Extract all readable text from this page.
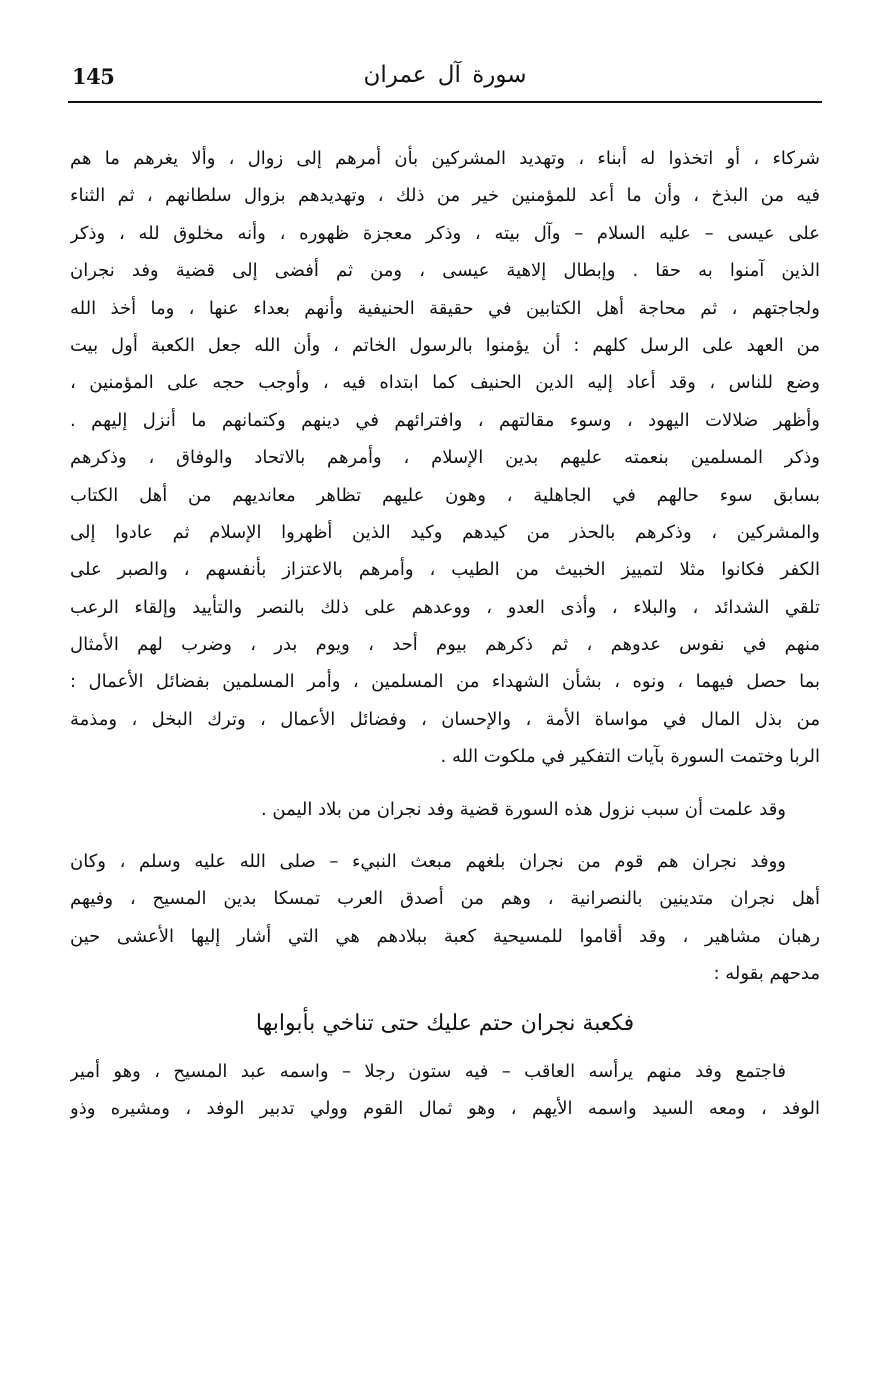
145	سورة آل عمران
شركاء ، أو اتخذوا له أبناء ، وتهديد المشركين بأن أمرهم إلى زوال ، وألا يغرهم ما هم
فيه من البذخ ، وأن ما أعد للمؤمنين خير من ذلك ، وتهديدهم بزوال سلطانهم ، ثم الثناء
على عيسى – عليه السلام – وآل بيته ، وذكر معجزة ظهوره ، وأنه مخلوق لله ، وذكر
الذين آمنوا به حقا . وإبطال إلاهية عيسى ، ومن ثم أفضى إلى قضية وفد نجران
ولجاجتهم ، ثم محاجة أهل الكتابين في حقيقة الحنيفية وأنهم بعداء عنها ، وما أخذ الله
من العهد على الرسل كلهم : أن يؤمنوا بالرسول الخاتم ، وأن الله جعل الكعبة أول بيت
وضع للناس ، وقد أعاد إليه الدين الحنيف كما ابتداه فيه ، وأوجب حجه على المؤمنين ،
وأظهر ضلالات اليهود ، وسوء مقالتهم ، وافترائهم في دينهم وكتمانهم ما أنزل إليهم .
وذكر المسلمين بنعمته عليهم بدين الإسلام ، وأمرهم بالاتحاد والوفاق ، وذكرهم
بسابق سوء حالهم في الجاهلية ، وهون عليهم تظاهر معانديهم من أهل الكتاب
والمشركين ، وذكرهم بالحذر من كيدهم وكيد الذين أظهروا الإسلام ثم عادوا إلى
الكفر فكانوا مثلا لتمييز الخبيث من الطيب ، وأمرهم بالاعتزاز بأنفسهم ، والصبر على
تلقي الشدائد ، والبلاء ، وأذى العدو ، ووعدهم على ذلك بالنصر والتأييد وإلقاء الرعب
منهم في نفوس عدوهم ، ثم ذكرهم بيوم أحد ، ويوم بدر ، وضرب لهم الأمثال
بما حصل فيهما ، ونوه ، بشأن الشهداء من المسلمين ، وأمر المسلمين بفضائل الأعمال :
من بذل المال في مواساة الأمة ، والإحسان ، وفضائل الأعمال ، وترك البخل ، ومذمة
الربا وختمت السورة بآيات التفكير في ملكوت الله .
وقد علمت أن سبب نزول هذه السورة قضية وفد نجران من بلاد اليمن .
ووفد نجران هم قوم من نجران بلغهم مبعث النبيء – صلى الله عليه وسلم ، وكان
أهل نجران متدينين بالنصرانية ، وهم من أصدق العرب تمسكا بدين المسيح ، وفيهم
رهبان مشاهير ، وقد أقاموا للمسيحية كعبة ببلادهم هي التي أشار إليها الأعشى حين
مدحهم بقوله :
فكعبة نجران حتم عليك حتى تناخي بأبوابها
فاجتمع وفد منهم يرأسه العاقب – فيه ستون رجلا – واسمه عبد المسيح ، وهو أمير
الوفد ، ومعه السيد واسمه الأيهم ، وهو ثمال القوم وولي تدبير الوفد ، ومشيره وذو
